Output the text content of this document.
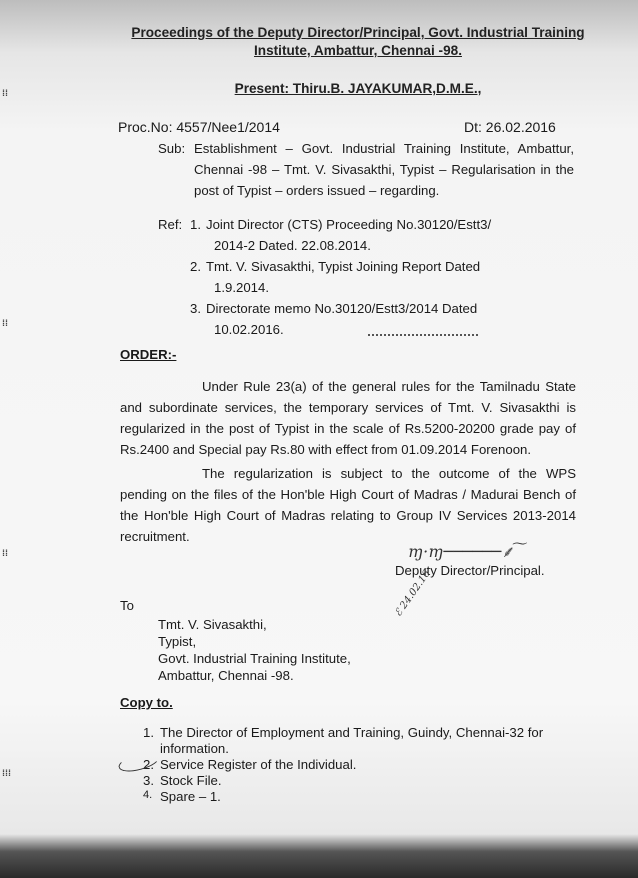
Proceedings of the Deputy Director/Principal, Govt. Industrial Training
Institute, Ambattur, Chennai -98.
Present: Thiru.B. JAYAKUMAR,D.M.E.,
Proc.No: 4557/Nee1/2014	Dt: 26.02.2016
Sub: Establishment – Govt. Industrial Training Institute, Ambattur, Chennai -98 – Tmt. V. Sivasakthi, Typist – Regularisation in the post of Typist – orders issued – regarding.
Ref: 1. Joint Director (CTS) Proceeding No.30120/Estt3/
2014-2 Dated. 22.08.2014.
2. Tmt. V. Sivasakthi, Typist Joining Report Dated
1.9.2014.
3. Directorate memo No.30120/Estt3/2014 Dated
10.02.2016.
ORDER:-
Under Rule 23(a) of the general rules for the Tamilnadu State and subordinate services, the temporary services of Tmt. V. Sivasakthi is regularized in the post of Typist in the scale of Rs.5200-20200 grade pay of Rs.2400 and Special pay Rs.80 with effect from 01.09.2014 Forenoon.
The regularization is subject to the outcome of the WPS pending on the files of the Hon'ble High Court of Madras / Madurai Bench of the Hon'ble High Court of Madras relating to Group IV Services 2013-2014 recruitment.
ɱ·ɱ──────⸙ ͠
Deputy Director/Principal.
ℰ 24.02.16
To
Tmt. V. Sivasakthi,
Typist,
Govt. Industrial Training Institute,
Ambattur, Chennai -98.
Copy to.
1. The Director of Employment and Training, Guindy, Chennai-32 for
information.
2. Service Register of the Individual.
3. Stock File.
4. Spare – 1.
⁞⁞
⁞⁞
⁞⁞
⁞⁞⁞
